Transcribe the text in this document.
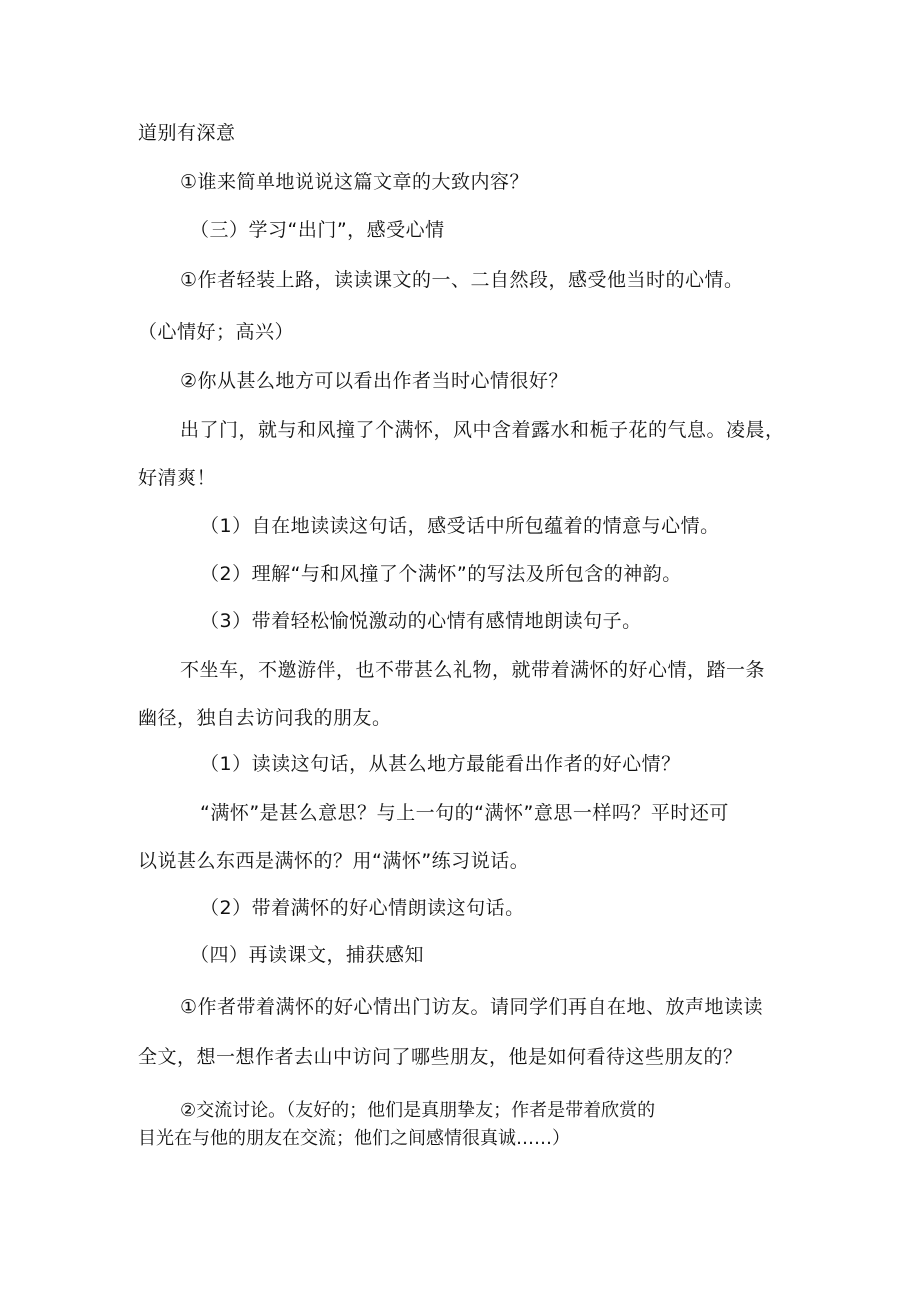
道别有深意
①谁来简单地说说这篇文章的大致内容？
（三）学习“出门”，感受心情
①作者轻装上路，读读课文的一、二自然段，感受他当时的心情。
（心情好；高兴）
②你从甚么地方可以看出作者当时心情很好？
出了门，就与和风撞了个满怀，风中含着露水和栀子花的气息。凌晨，
好清爽！
（1）自在地读读这句话，感受话中所包蕴着的情意与心情。
（2）理解“与和风撞了个满怀”的写法及所包含的神韵。
（3）带着轻松愉悦激动的心情有感情地朗读句子。
不坐车，不邀游伴，也不带甚么礼物，就带着满怀的好心情，踏一条
幽径，独自去访问我的朋友。
（1）读读这句话，从甚么地方最能看出作者的好心情？
“满怀”是甚么意思？与上一句的“满怀”意思一样吗？平时还可
以说甚么东西是满怀的？用“满怀”练习说话。
（2）带着满怀的好心情朗读这句话。
（四）再读课文，捕获感知
①作者带着满怀的好心情出门访友。请同学们再自在地、放声地读读
全文，想一想作者去山中访问了哪些朋友，他是如何看待这些朋友的？
②交流讨论。（友好的；他们是真朋挚友；作者是带着欣赏的
目光在与他的朋友在交流；他们之间感情很真诚……）
